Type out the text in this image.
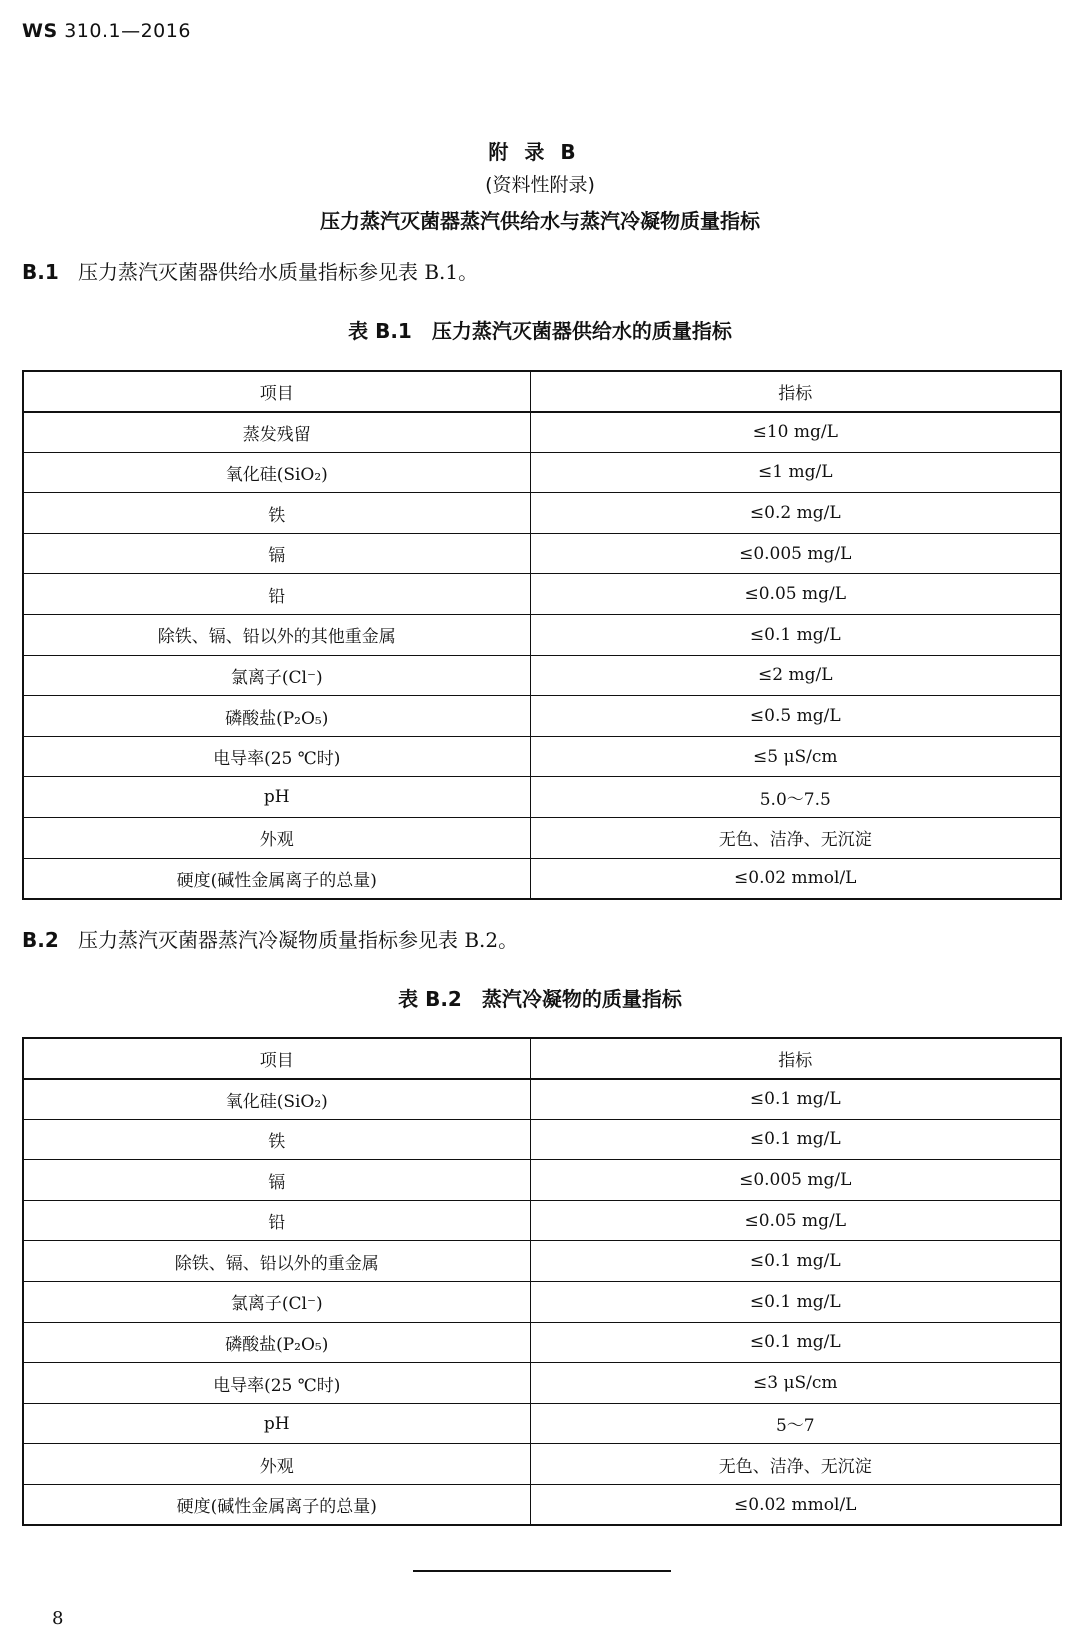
WS 310.1—2016
附录B
(资料性附录)
压力蒸汽灭菌器蒸汽供给水与蒸汽冷凝物质量指标
B.1 压力蒸汽灭菌器供给水质量指标参见表 B.1。
表 B.1　压力蒸汽灭菌器供给水的质量指标
项目	指标
蒸发残留	≤10 mg/L
氧化硅(SiO₂)	≤1 mg/L
铁	≤0.2 mg/L
镉	≤0.005 mg/L
铅	≤0.05 mg/L
除铁、镉、铅以外的其他重金属	≤0.1 mg/L
氯离子(Cl⁻)	≤2 mg/L
磷酸盐(P₂O₅)	≤0.5 mg/L
电导率(25 ℃时)	≤5 μS/cm
pH	5.0～7.5
外观	无色、洁净、无沉淀
硬度(碱性金属离子的总量)	≤0.02 mmol/L
B.2 压力蒸汽灭菌器蒸汽冷凝物质量指标参见表 B.2。
表 B.2　蒸汽冷凝物的质量指标
项目	指标
氧化硅(SiO₂)	≤0.1 mg/L
铁	≤0.1 mg/L
镉	≤0.005 mg/L
铅	≤0.05 mg/L
除铁、镉、铅以外的重金属	≤0.1 mg/L
氯离子(Cl⁻)	≤0.1 mg/L
磷酸盐(P₂O₅)	≤0.1 mg/L
电导率(25 ℃时)	≤3 μS/cm
pH	5～7
外观	无色、洁净、无沉淀
硬度(碱性金属离子的总量)	≤0.02 mmol/L
8
